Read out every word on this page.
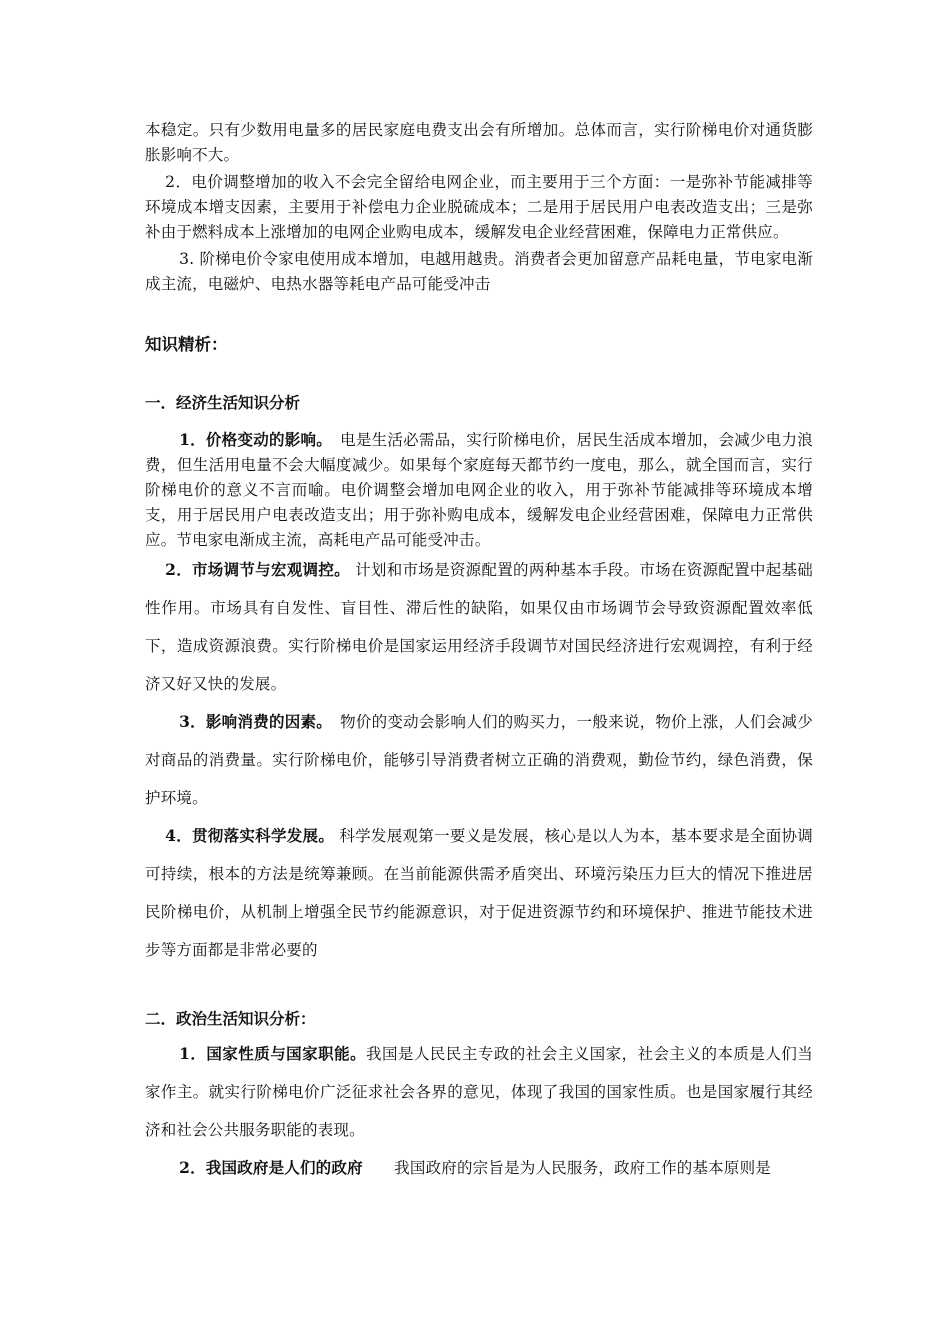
本稳定。只有少数用电量多的居民家庭电费支出会有所增加。总体而言，实行阶梯电价对通货膨胀影响不大。

2．电价调整增加的收入不会完全留给电网企业，而主要用于三个方面：一是弥补节能减排等环境成本增支因素，主要用于补偿电力企业脱硫成本；二是用于居民用户电表改造支出；三是弥补由于燃料成本上涨增加的电网企业购电成本，缓解发电企业经营困难，保障电力正常供应。

3. 阶梯电价令家电使用成本增加，电越用越贵。消费者会更加留意产品耗电量，节电家电渐成主流，电磁炉、电热水器等耗电产品可能受冲击

知识精析：
一．经济生活知识分析

1．价格变动的影响。　电是生活必需品，实行阶梯电价，居民生活成本增加，会减少电力浪费，但生活用电量不会大幅度减少。如果每个家庭每天都节约一度电，那么，就全国而言，实行阶梯电价的意义不言而喻。电价调整会增加电网企业的收入，用于弥补节能减排等环境成本增支，用于居民用户电表改造支出；用于弥补购电成本，缓解发电企业经营困难，保障电力正常供应。节电家电渐成主流，高耗电产品可能受冲击。

2．市场调节与宏观调控。 计划和市场是资源配置的两种基本手段。市场在资源配置中起基础性作用。市场具有自发性、盲目性、滞后性的缺陷，如果仅由市场调节会导致资源配置效率低下，造成资源浪费。实行阶梯电价是国家运用经济手段调节对国民经济进行宏观调控，有利于经济又好又快的发展。

3．影响消费的因素。　物价的变动会影响人们的购买力，一般来说，物价上涨，人们会减少对商品的消费量。实行阶梯电价，能够引导消费者树立正确的消费观，勤俭节约，绿色消费，保护环境。

4．贯彻落实科学发展。 科学发展观第一要义是发展，核心是以人为本，基本要求是全面协调可持续，根本的方法是统筹兼顾。在当前能源供需矛盾突出、环境污染压力巨大的情况下推进居民阶梯电价，从机制上增强全民节约能源意识，对于促进资源节约和环境保护、推进节能技术进步等方面都是非常必要的

二．政治生活知识分析：

1．国家性质与国家职能。我国是人民民主专政的社会主义国家，社会主义的本质是人们当家作主。就实行阶梯电价广泛征求社会各界的意见，体现了我国的国家性质。也是国家履行其经济和社会公共服务职能的表现。

2．我国政府是人们的政府　　我国政府的宗旨是为人民服务，政府工作的基本原则是
